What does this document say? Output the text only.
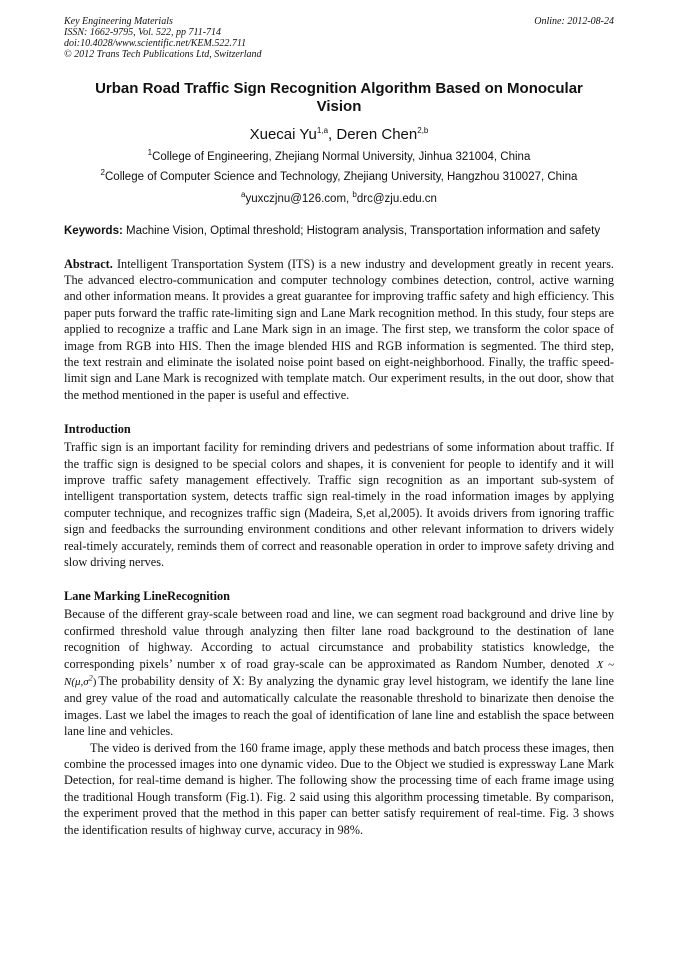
Key Engineering Materials
ISSN: 1662-9795, Vol. 522, pp 711-714
doi:10.4028/www.scientific.net/KEM.522.711
© 2012 Trans Tech Publications Ltd, Switzerland
Online: 2012-08-24
Urban Road Traffic Sign Recognition Algorithm Based on Monocular Vision
Xuecai Yu$^{1,a}$, Deren Chen$^{2,b}$
$^1$College of Engineering, Zhejiang Normal University, Jinhua 321004, China
$^2$College of Computer Science and Technology, Zhejiang University, Hangzhou 310027, China
$^a$yuxczjnu@126.com, $^b$drc@zju.edu.cn
Keywords: Machine Vision, Optimal threshold; Histogram analysis, Transportation information and safety

Abstract. Intelligent Transportation System (ITS) is a new industry and development greatly in recent years. The advanced electro-communication and computer technology combines detection, control, active warning and other information means. It provides a great guarantee for improving traffic safety and high efficiency. This paper puts forward the traffic rate-limiting sign and Lane Mark recognition method. In this study, four steps are applied to recognize a traffic and Lane Mark sign in an image. The first step, we transform the color space of image from RGB into HIS. Then the image blended HIS and RGB information is segmented. The third step, the text restrain and eliminate the isolated noise point based on eight-neighborhood. Finally, the traffic speed-limit sign and Lane Mark is recognized with template match. Our experiment results, in the out door, show that the method mentioned in the paper is useful and effective.

Introduction

Traffic sign is an important facility for reminding drivers and pedestrians of some information about traffic. If the traffic sign is designed to be special colors and shapes, it is convenient for people to identify and it will improve traffic safety management effectively. Traffic sign recognition as an important sub-system of intelligent transportation system, detects traffic sign real-timely in the road information images by applying computer technique, and recognizes traffic sign (Madeira, S,et al,2005). It avoids drivers from ignoring traffic sign and feedbacks the surrounding environment conditions and other relevant information to drivers widely real-timely accurately, reminds them of correct and reasonable operation in order to improve safety driving and slow driving nerves.

Lane Marking LineRecognition

Because of the different gray-scale between road and line, we can segment road background and drive line by confirmed threshold value through analyzing then filter lane road background to the destination of lane recognition of highway. According to actual circumstance and probability statistics knowledge, the corresponding pixels’ number x of road gray-scale can be approximated as Random Number, denoted X ~ $N(\mu,\sigma^2)$ The probability density of X: By analyzing the dynamic gray level histogram, we identify the lane line and grey value of the road and automatically calculate the reasonable threshold to binarizate then denoise the images. Last we label the images to reach the goal of identification of lane line and establish the space between lane line and vehicles.

The video is derived from the 160 frame image, apply these methods and batch process these images, then combine the processed images into one dynamic video. Due to the Object we studied is expressway Lane Mark Detection, for real-time demand is higher. The following show the processing time of each frame image using the traditional Hough transform (Fig.1). Fig. 2 said using this algorithm processing timetable. By comparison, the experiment proved that the method in this paper can better satisfy requirement of real-time. Fig. 3 shows the identification results of highway curve, accuracy in 98%.
